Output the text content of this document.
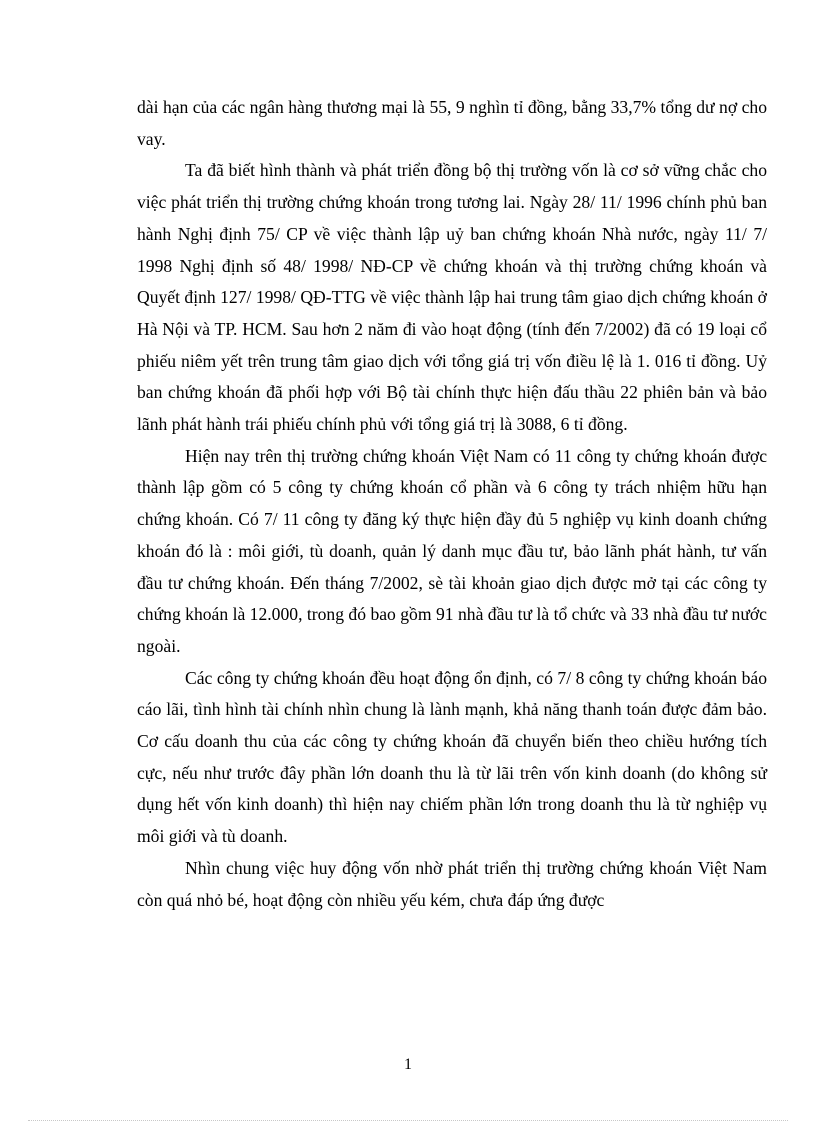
dài hạn của các ngân hàng thương mại là 55, 9 nghìn tỉ đồng, bằng 33,7% tổng dư nợ cho vay.

Ta đã biết hình thành và phát triển đồng bộ thị trường vốn là cơ sở vững chắc cho việc phát triển thị trường chứng khoán trong tương lai. Ngày 28/ 11/ 1996 chính phủ ban hành Nghị định 75/ CP về việc thành lập uỷ ban chứng khoán Nhà nước, ngày 11/ 7/ 1998 Nghị định số 48/ 1998/ NĐ-CP về chứng khoán và thị trường chứng khoán và Quyết định 127/ 1998/ QĐ-TTG về việc thành lập hai trung tâm giao dịch chứng khoán ở Hà Nội và TP. HCM. Sau hơn 2 năm đi vào hoạt động (tính đến 7/2002) đã có 19 loại cổ phiếu niêm yết trên trung tâm giao dịch với tổng giá trị vốn điều lệ là 1. 016 tỉ đồng. Uỷ ban chứng khoán đã phối hợp với Bộ tài chính thực hiện đấu thầu 22 phiên bản và bảo lãnh phát hành trái phiếu chính phủ với tổng giá trị là 3088, 6 tỉ đồng.

Hiện nay trên thị trường chứng khoán Việt Nam có 11 công ty chứng khoán được thành lập gồm có 5 công ty chứng khoán cổ phần và 6 công ty trách nhiệm hữu hạn chứng khoán. Có 7/ 11 công ty đăng ký thực hiện đầy đủ 5 nghiệp vụ kinh doanh chứng khoán đó là : môi giới, tù doanh, quản lý danh mục đầu tư, bảo lãnh phát hành, tư vấn đầu tư chứng khoán. Đến tháng 7/2002, sè tài khoản giao dịch được mở tại các công ty chứng khoán là 12.000, trong đó bao gồm 91 nhà đầu tư là tổ chức và 33 nhà đầu tư nước ngoài.

Các công ty chứng khoán đều hoạt động ổn định, có 7/ 8 công ty chứng khoán báo cáo lãi, tình hình tài chính nhìn chung là lành mạnh, khả năng thanh toán được đảm bảo. Cơ cấu doanh thu của các công ty chứng khoán đã chuyển biến theo chiều hướng tích cực, nếu như trước đây phần lớn doanh thu là từ lãi trên vốn kinh doanh (do không sử dụng hết vốn kinh doanh) thì hiện nay chiếm phần lớn trong doanh thu là từ nghiệp vụ môi giới và tù doanh.

Nhìn chung việc huy động vốn nhờ phát triển thị trường chứng khoán Việt Nam còn quá nhỏ bé, hoạt động còn nhiều yếu kém, chưa đáp ứng được

1
